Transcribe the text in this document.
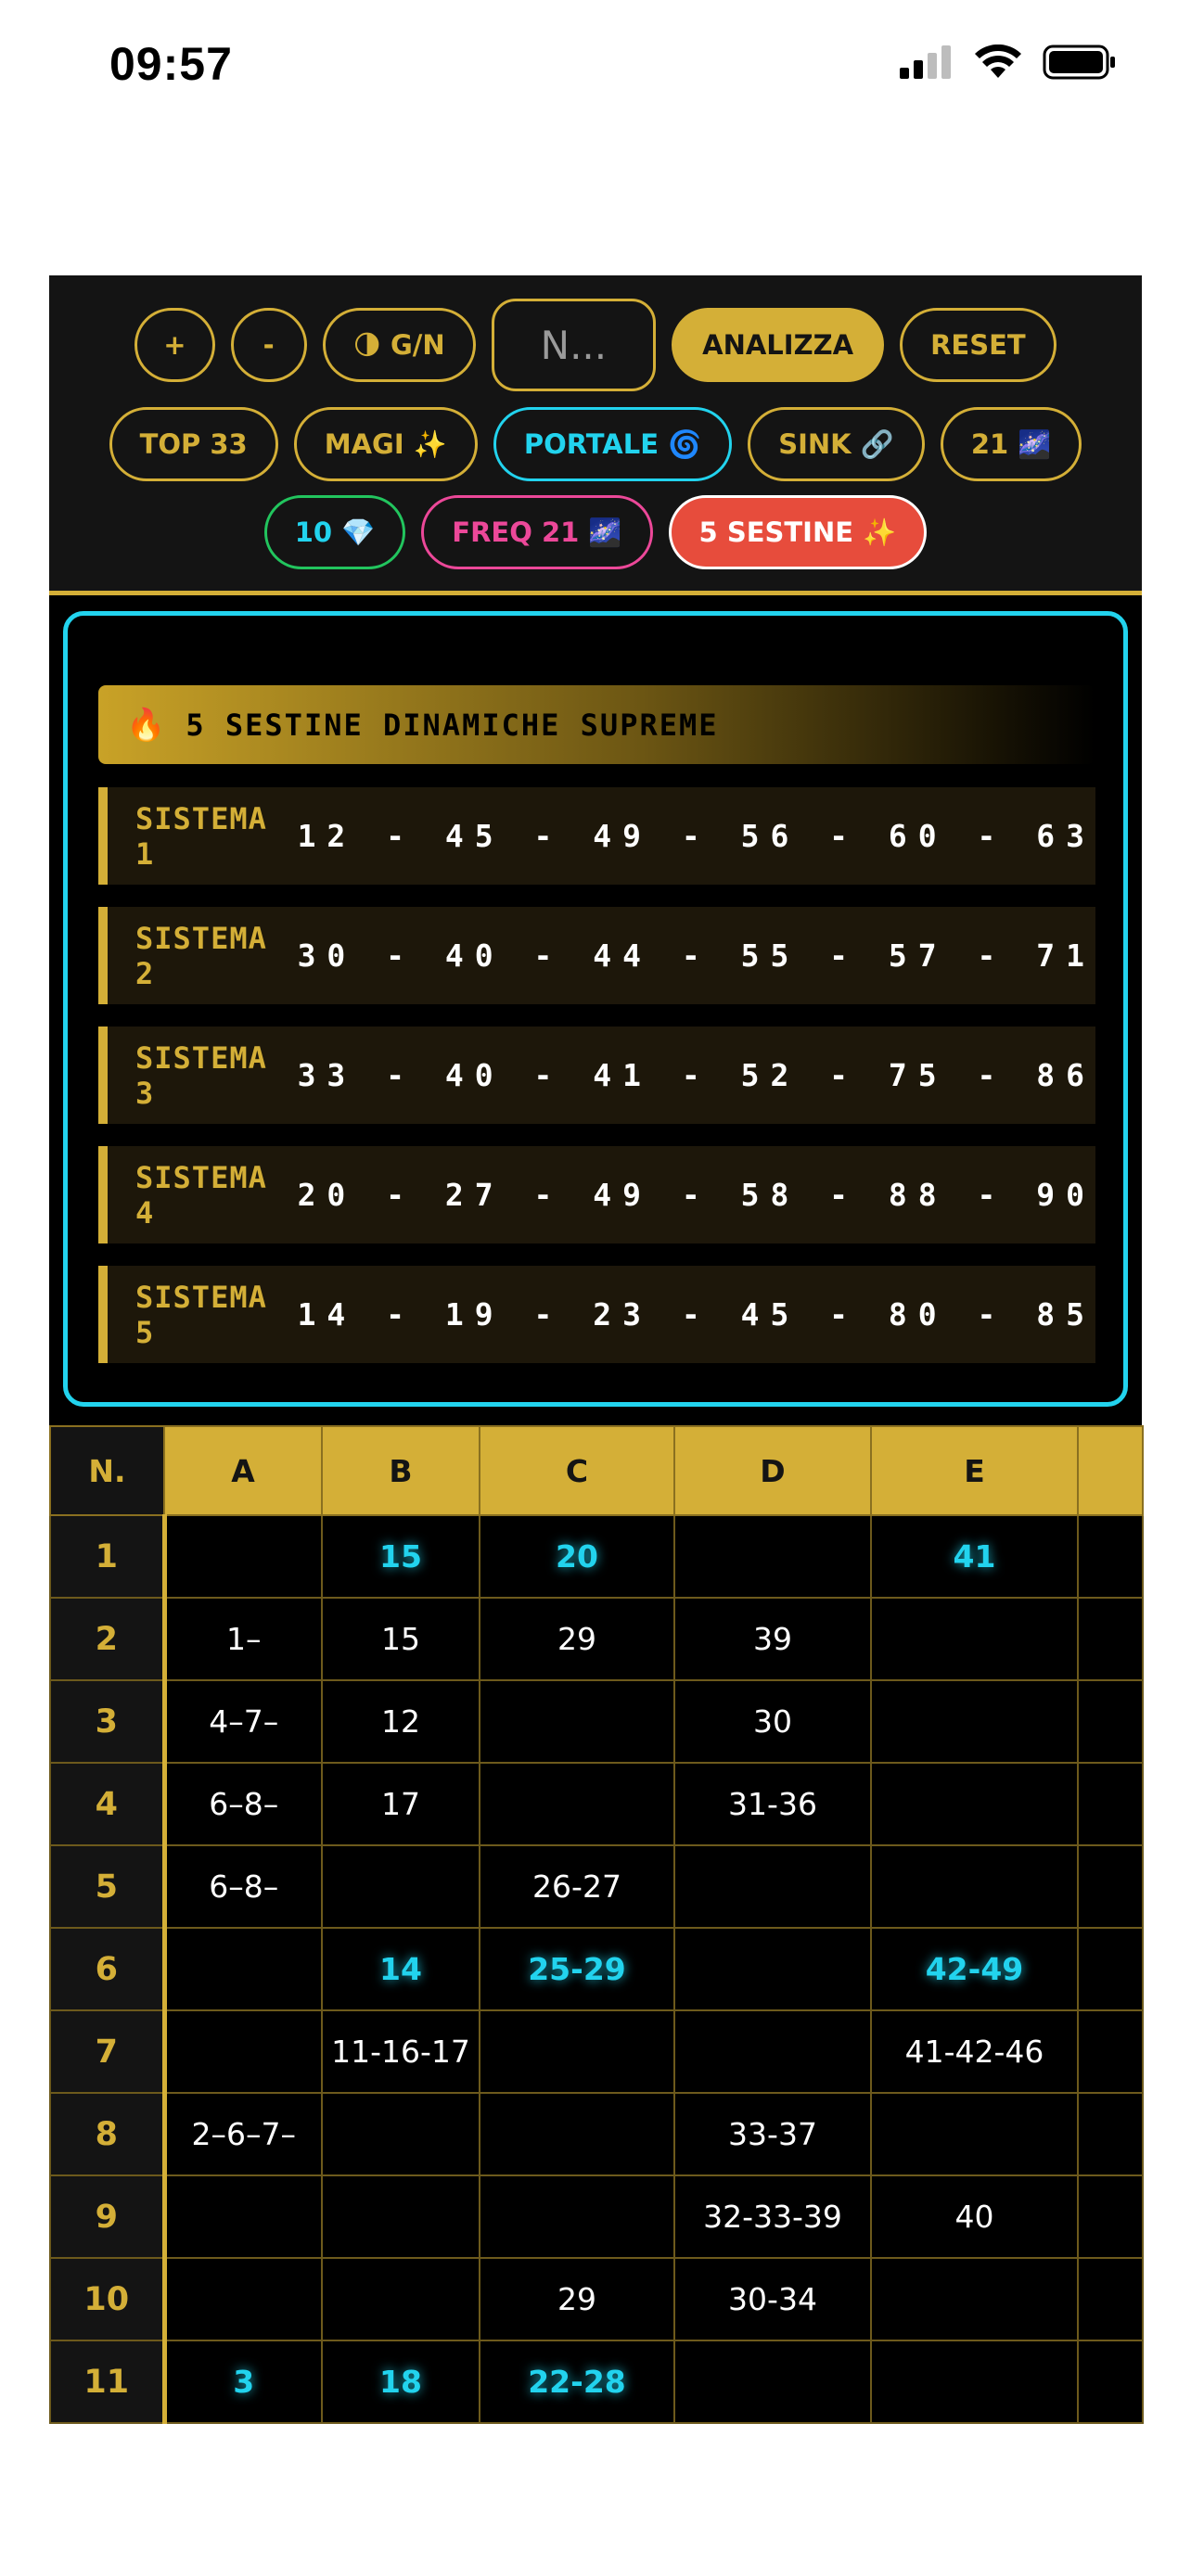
09:57
+	-	🌗 G/N	N...	ANALIZZA	RESET
TOP 33	MAGI ✨	PORTALE 🌀	SINK 🔗	21 🌌
10 💎	FREQ 21 🌌	5 SESTINE ✨
🔥 5 SESTINE DINAMICHE SUPREME
SISTEMA 1	12 - 45 - 49 - 56 - 60 - 63
SISTEMA 2	30 - 40 - 44 - 55 - 57 - 71
SISTEMA 3	33 - 40 - 41 - 52 - 75 - 86
SISTEMA 4	20 - 27 - 49 - 58 - 88 - 90
SISTEMA 5	14 - 19 - 23 - 45 - 80 - 85
N.	A	B	C	D	E	
1		15	20		41	
2	1–	15	29	39		
3	4–7–	12		30		
4	6–8–	17		31-36		
5	6–8–		26-27			
6		14	25-29		42-49	
7		11-16-17			41-42-46	
8	2–6–7–			33-37		
9				32-33-39	40	
10			29	30-34		
11	3	18	22-28			
